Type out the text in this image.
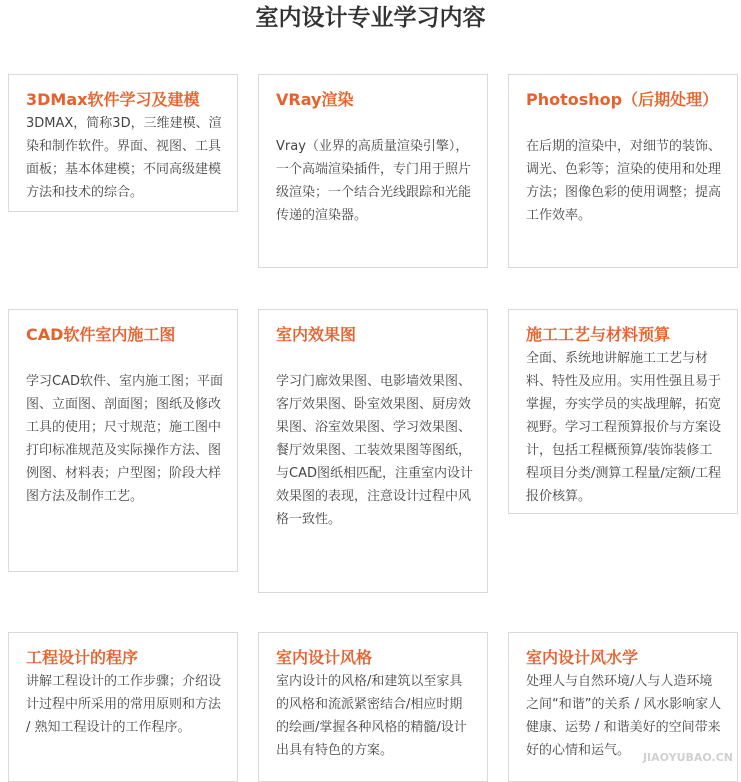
室内设计专业学习内容

3DMax软件学习及建模

3DMAX，简称3D，三维建模、渲染和制作软件。界面、视图、工具面板；基本体建模；不同高级建模方法和技术的综合。

VRay渲染

Vray（业界的高质量渲染引擎），一个高端渲染插件，专门用于照片级渲染；一个结合光线跟踪和光能传递的渲染器。

Photoshop（后期处理）

在后期的渲染中，对细节的装饰、调光、色彩等；渲染的使用和处理方法；图像色彩的使用调整；提高工作效率。

CAD软件室内施工图

学习CAD软件、室内施工图；平面图、立面图、剖面图；图纸及修改工具的使用；尺寸规范；施工图中打印标准规范及实际操作方法、图例图、材料表；户型图；阶段大样图方法及制作工艺。

室内效果图

学习门廊效果图、电影墙效果图、客厅效果图、卧室效果图、厨房效果图、浴室效果图、学习效果图、餐厅效果图、工装效果图等图纸，与CAD图纸相匹配，注重室内设计效果图的表现，注意设计过程中风格一致性。

施工工艺与材料预算

全面、系统地讲解施工工艺与材料、特性及应用。实用性强且易于掌握，夯实学员的实战理解，拓宽视野。学习工程预算报价与方案设计，包括工程概预算/装饰装修工程项目分类/测算工程量/定额/工程报价核算。

工程设计的程序

讲解工程设计的工作步骤；介绍设计过程中所采用的常用原则和方法 / 熟知工程设计的工作程序。

室内设计风格

室内设计的风格/和建筑以至家具的风格和流派紧密结合/相应时期的绘画/掌握各种风格的精髓/设计出具有特色的方案。

室内设计风水学

处理人与自然环境/人与人造环境之间“和谐”的关系 / 风水影响家人健康、运势 / 和谐美好的空间带来好的心情和运气。	JIAOYUBAO.CN
